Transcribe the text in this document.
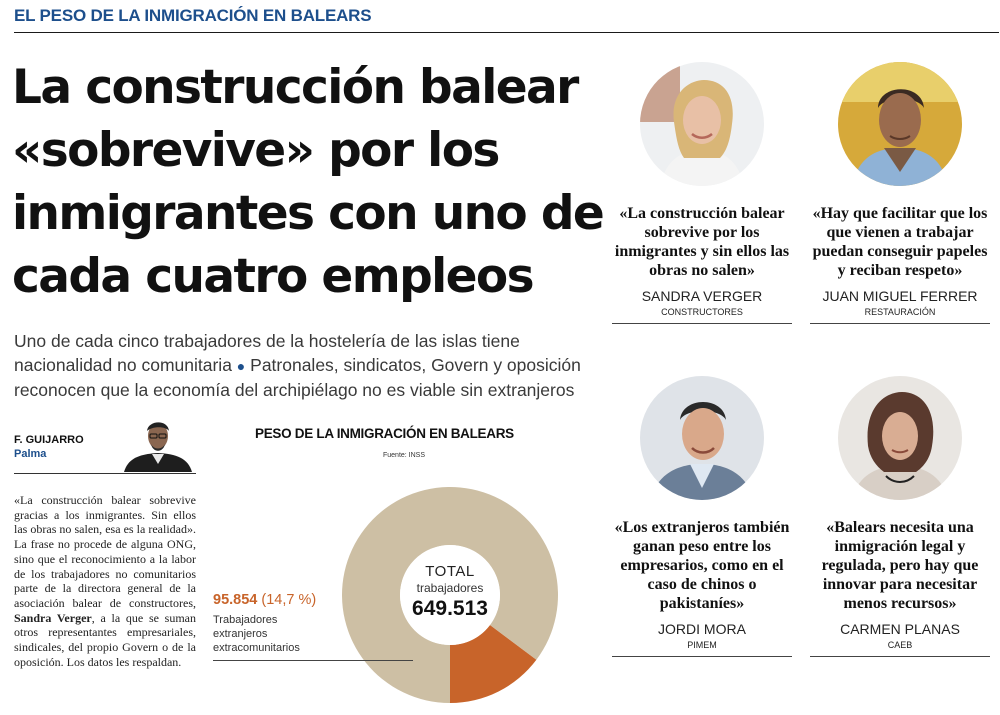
EL PESO DE LA INMIGRACIÓN EN BALEARS
La construcción balear
«sobrevive» por los
inmigrantes con uno de
cada cuatro empleos
Uno de cada cinco trabajadores de la hostelería de las islas tiene nacionalidad no comunitaria ● Patronales, sindicatos, Govern y oposición reconocen que la economía del archipiélago no es viable sin extranjeros
F. GUIJARRO
Palma
«La construcción balear sobrevive gracias a los inmigrantes. Sin ellos las obras no salen, esa es la realidad». La frase no procede de alguna ONG, sino que el reconocimiento a la labor de los trabajadores no comunitarios parte de la directora general de la asociación balear de constructores, Sandra Verger, a la que se suman otros representantes empresariales, sindicales, del propio Govern o de la oposición. Los datos les respaldan.
PESO DE LA INMIGRACIÓN EN BALEARS
Fuente: INSS
TOTAL
trabajadores
649.513
95.854 (14,7 %)
Trabajadores
extranjeros
extracomunitarios
«La construcción balear sobrevive por los inmigrantes y sin ellos las obras no salen»
SANDRA VERGER
CONSTRUCTORES
«Hay que facilitar que los que vienen a trabajar puedan conseguir papeles y reciban respeto»
JUAN MIGUEL FERRER
RESTAURACIÓN
«Los extranjeros también ganan peso entre los empresarios, como en el caso de chinos o pakistaníes»
JORDI MORA
PIMEM
«Balears necesita una inmigración legal y regulada, pero hay que innovar para necesitar menos recursos»
CARMEN PLANAS
CAEB
